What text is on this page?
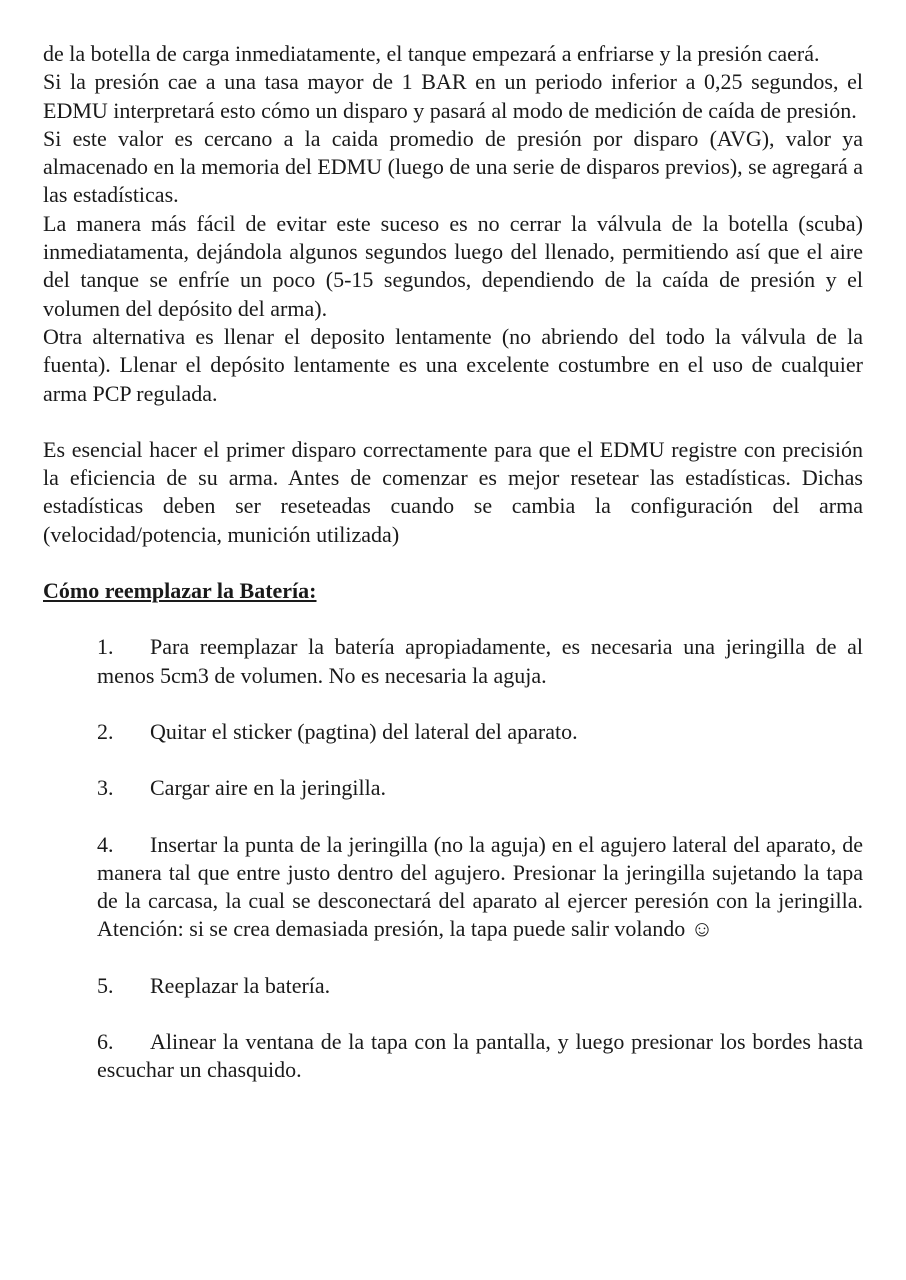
de la botella de carga inmediatamente, el tanque empezará a enfriarse y la presión caerá.

Si la presión cae a una tasa mayor de 1 BAR en un periodo inferior a 0,25 segundos, el EDMU interpretará esto cómo un disparo y pasará al modo de medición de caída de presión.

Si este valor es cercano a la caida promedio de presión por disparo (AVG), valor ya almacenado en la memoria del EDMU (luego de una serie de disparos previos), se agregará a las estadísticas.

La manera más fácil de evitar este suceso es no cerrar la válvula de la botella (scuba) inmediatamenta, dejándola algunos segundos luego del llenado, permitiendo así que el aire del tanque se enfríe un poco (5-15 segundos, dependiendo de la caída de presión y el volumen del depósito del arma).

Otra alternativa es llenar el deposito lentamente (no abriendo del todo la válvula de la fuenta). Llenar el depósito lentamente es una excelente costumbre en el uso de cualquier arma PCP regulada.

Es esencial hacer el primer disparo correctamente para que el EDMU registre con precisión la eficiencia de su arma. Antes de comenzar es mejor resetear las estadísticas. Dichas estadísticas deben ser reseteadas cuando se cambia la configuración del arma (velocidad/potencia, munición utilizada)

Cómo reemplazar la Batería:

1. Para reemplazar la batería apropiadamente, es necesaria una jeringilla de al menos 5cm3 de volumen. No es necesaria la aguja.

2. Quitar el sticker (pagtina) del lateral del aparato.

3. Cargar aire en la jeringilla.

4. Insertar la punta de la jeringilla (no la aguja) en el agujero lateral del aparato, de manera tal que entre justo dentro del agujero. Presionar la jeringilla sujetando la tapa de la carcasa, la cual se desconectará del aparato al ejercer peresión con la jeringilla. Atención: si se crea demasiada presión, la tapa puede salir volando ☺

5. Reeplazar la batería.

6. Alinear la ventana de la tapa con la pantalla, y luego presionar los bordes hasta escuchar un chasquido.
